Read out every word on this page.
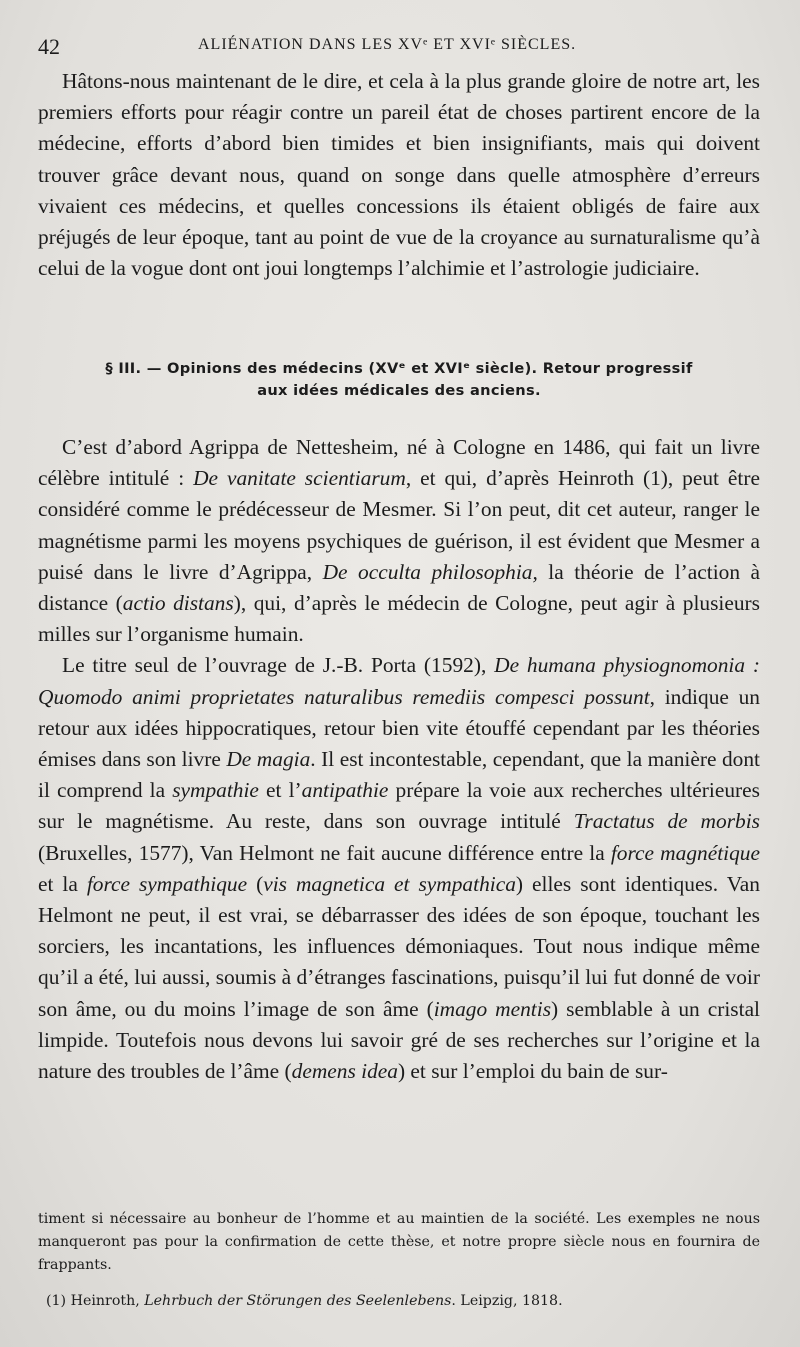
42	ALIÉNATION DANS LES XVᵉ ET XVIᵉ SIÈCLES.

Hâtons-nous maintenant de le dire, et cela à la plus grande gloire de notre art, les premiers efforts pour réagir contre un pareil état de choses partirent encore de la médecine, efforts d’abord bien timides et bien insignifiants, mais qui doivent trouver grâce devant nous, quand on songe dans quelle atmosphère d’erreurs vivaient ces médecins, et quelles concessions ils étaient obligés de faire aux préjugés de leur époque, tant au point de vue de la croyance au surnaturalisme qu’à celui de la vogue dont ont joui longtemps l’alchimie et l’astrologie judiciaire.

§ III. — Opinions des médecins (XVᵉ et XVIᵉ siècle). Retour progressif
aux idées médicales des anciens.

C’est d’abord Agrippa de Nettesheim, né à Cologne en 1486, qui fait un livre célèbre intitulé : De vanitate scientiarum, et qui, d’après Heinroth (1), peut être considéré comme le prédécesseur de Mesmer. Si l’on peut, dit cet auteur, ranger le magnétisme parmi les moyens psychiques de guérison, il est évident que Mesmer a puisé dans le livre d’Agrippa, De occulta philosophia, la théorie de l’action à distance (actio distans), qui, d’après le médecin de Cologne, peut agir à plusieurs milles sur l’organisme humain.

Le titre seul de l’ouvrage de J.-B. Porta (1592), De humana physiognomonia : Quomodo animi proprietates naturalibus remediis compesci possunt, indique un retour aux idées hippocratiques, retour bien vite étouffé cependant par les théories émises dans son livre De magia. Il est incontestable, cependant, que la manière dont il comprend la sympathie et l’antipathie prépare la voie aux recherches ultérieures sur le magnétisme. Au reste, dans son ouvrage intitulé Tractatus de morbis (Bruxelles, 1577), Van Helmont ne fait aucune différence entre la force magnétique et la force sympathique (vis magnetica et sympathica) elles sont identiques. Van Helmont ne peut, il est vrai, se débarrasser des idées de son époque, touchant les sorciers, les incantations, les influences démoniaques. Tout nous indique même qu’il a été, lui aussi, soumis à d’étranges fascinations, puisqu’il lui fut donné de voir son âme, ou du moins l’image de son âme (imago mentis) semblable à un cristal limpide. Toutefois nous devons lui savoir gré de ses recherches sur l’origine et la nature des troubles de l’âme (demens idea) et sur l’emploi du bain de sur-

timent si nécessaire au bonheur de l’homme et au maintien de la société. Les exemples ne nous manqueront pas pour la confirmation de cette thèse, et notre propre siècle nous en fournira de frappants.

(1) Heinroth, Lehrbuch der Störungen des Seelenlebens. Leipzig, 1818.
